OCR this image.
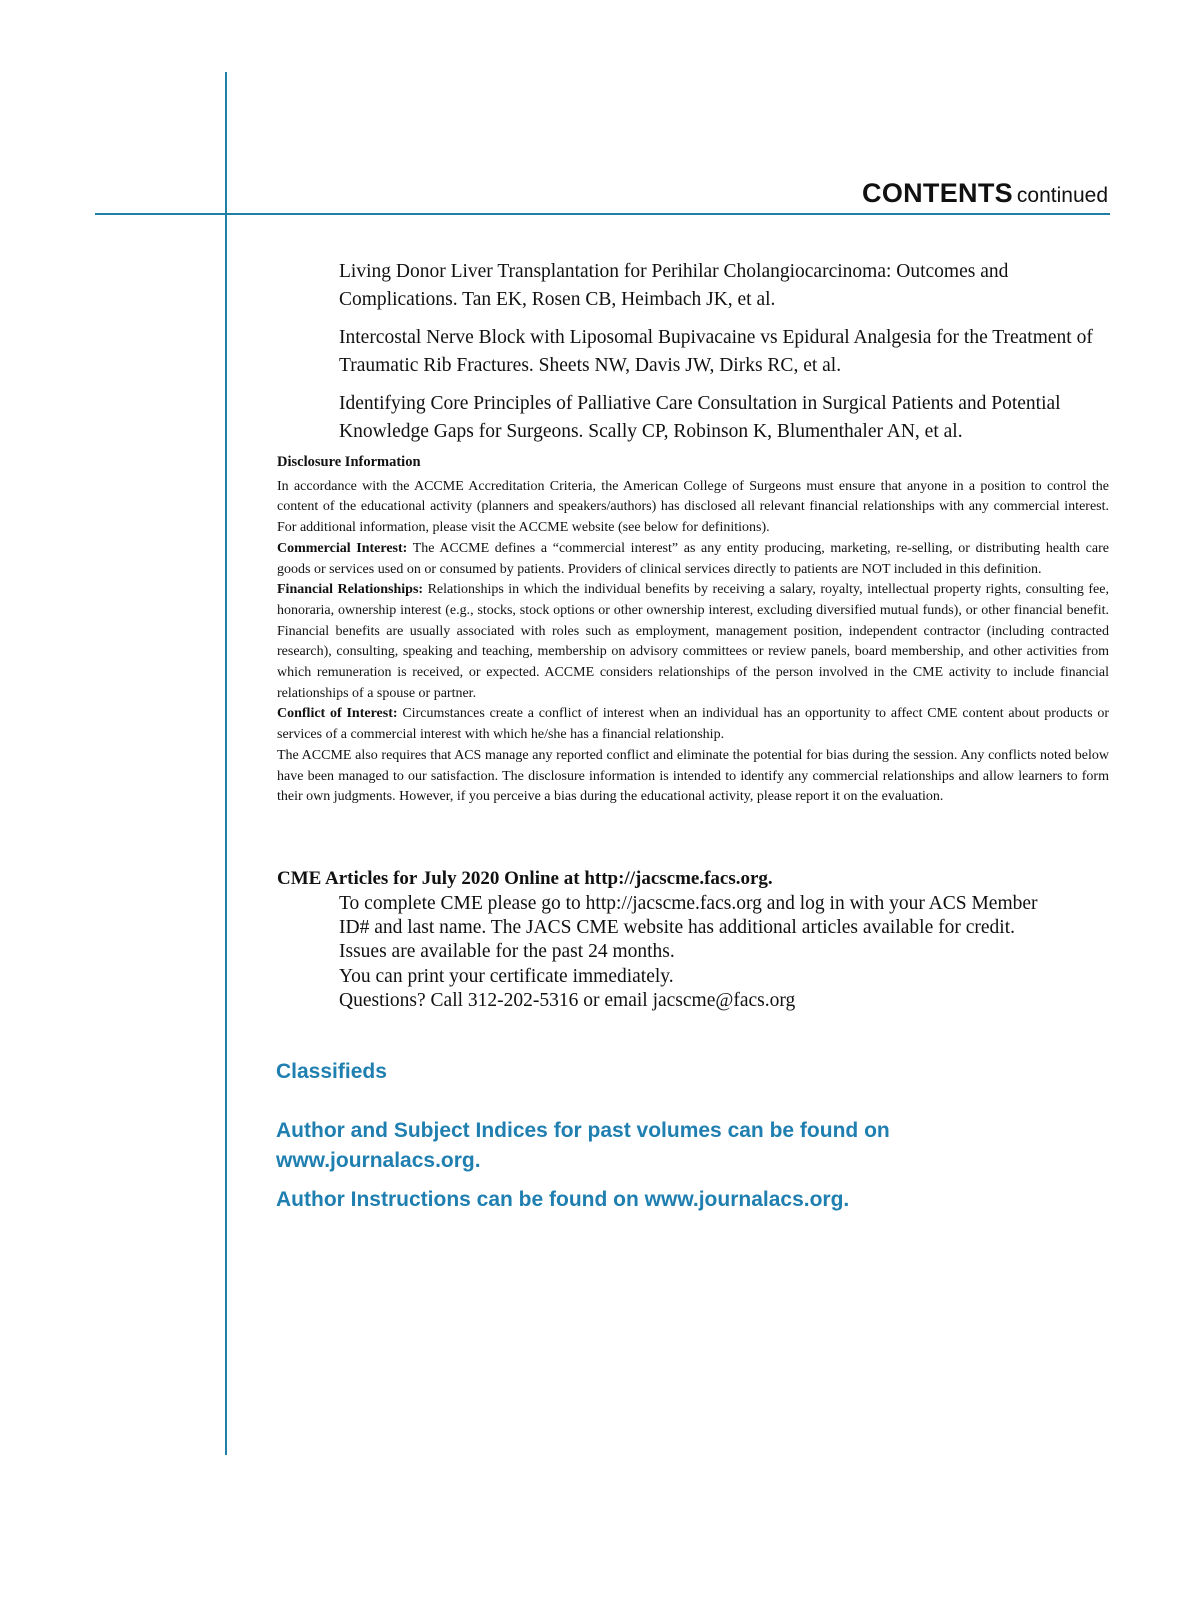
CONTENTS continued

Living Donor Liver Transplantation for Perihilar Cholangiocarcinoma: Outcomes and Complications. Tan EK, Rosen CB, Heimbach JK, et al.

Intercostal Nerve Block with Liposomal Bupivacaine vs Epidural Analgesia for the Treatment of Traumatic Rib Fractures. Sheets NW, Davis JW, Dirks RC, et al.

Identifying Core Principles of Palliative Care Consultation in Surgical Patients and Potential Knowledge Gaps for Surgeons. Scally CP, Robinson K, Blumenthaler AN, et al.

Disclosure Information

In accordance with the ACCME Accreditation Criteria, the American College of Surgeons must ensure that anyone in a position to control the content of the educational activity (planners and speakers/authors) has disclosed all relevant financial relationships with any commercial interest. For additional information, please visit the ACCME website (see below for definitions).

Commercial Interest: The ACCME defines a “commercial interest” as any entity producing, marketing, re-selling, or distributing health care goods or services used on or consumed by patients. Providers of clinical services directly to patients are NOT included in this definition.

Financial Relationships: Relationships in which the individual benefits by receiving a salary, royalty, intellectual property rights, consulting fee, honoraria, ownership interest (e.g., stocks, stock options or other ownership interest, excluding diversified mutual funds), or other financial benefit. Financial benefits are usually associated with roles such as employment, management position, independent contractor (including contracted research), consulting, speaking and teaching, membership on advisory committees or review panels, board membership, and other activities from which remuneration is received, or expected. ACCME considers relationships of the person involved in the CME activity to include financial relationships of a spouse or partner.

Conflict of Interest: Circumstances create a conflict of interest when an individual has an opportunity to affect CME content about products or services of a commercial interest with which he/she has a financial relationship.

The ACCME also requires that ACS manage any reported conflict and eliminate the potential for bias during the session. Any conflicts noted below have been managed to our satisfaction. The disclosure information is intended to identify any commercial relationships and allow learners to form their own judgments. However, if you perceive a bias during the educational activity, please report it on the evaluation.

CME Articles for July 2020 Online at http://jacscme.facs.org.
To complete CME please go to http://jacscme.facs.org and log in with your ACS Member
ID# and last name. The JACS CME website has additional articles available for credit.
Issues are available for the past 24 months.
You can print your certificate immediately.
Questions? Call 312-202-5316 or email jacscme@facs.org
Classifieds
Author and Subject Indices for past volumes can be found on www.journalacs.org.
Author Instructions can be found on www.journalacs.org.
